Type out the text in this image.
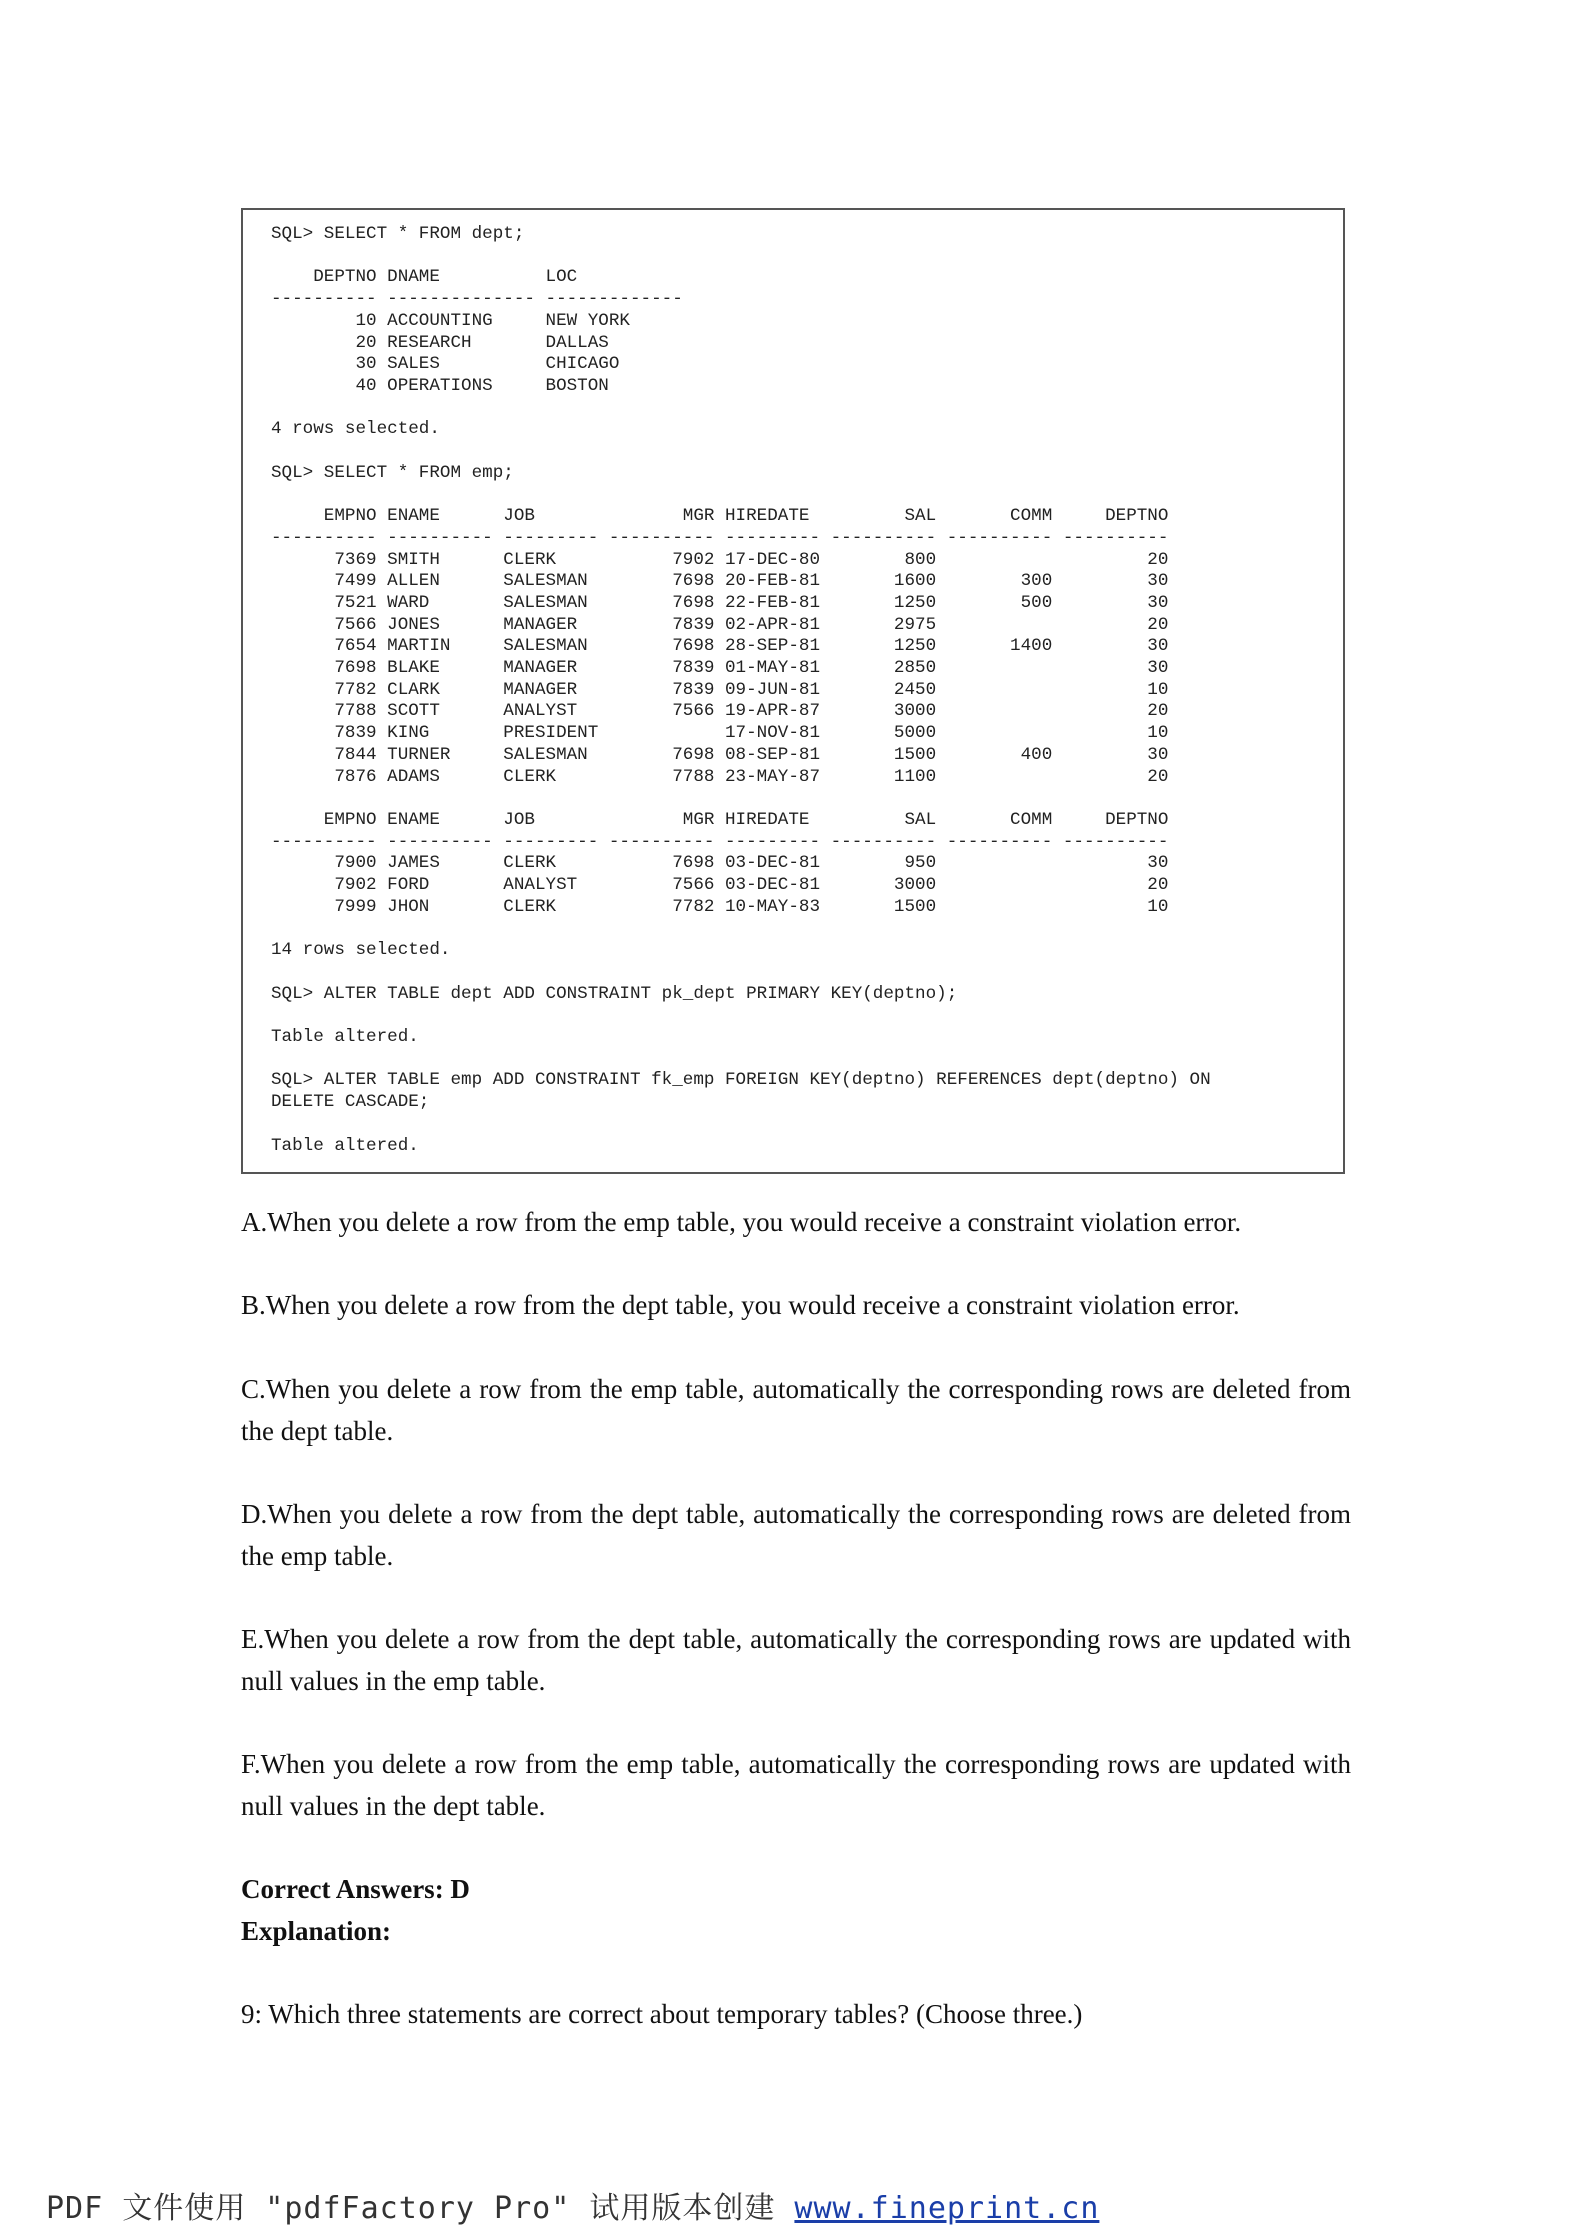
SQL> SELECT * FROM dept;

DEPTNO DNAME          LOC
---------- -------------- -------------
10 ACCOUNTING     NEW YORK
20 RESEARCH       DALLAS
30 SALES          CHICAGO
40 OPERATIONS     BOSTON

4 rows selected.

SQL> SELECT * FROM emp;

EMPNO ENAME      JOB              MGR HIREDATE         SAL       COMM     DEPTNO
---------- ---------- --------- ---------- --------- ---------- ---------- ----------
7369 SMITH      CLERK           7902 17-DEC-80        800                    20
7499 ALLEN      SALESMAN        7698 20-FEB-81       1600        300         30
7521 WARD       SALESMAN        7698 22-FEB-81       1250        500         30
7566 JONES      MANAGER         7839 02-APR-81       2975                    20
7654 MARTIN     SALESMAN        7698 28-SEP-81       1250       1400         30
7698 BLAKE      MANAGER         7839 01-MAY-81       2850                    30
7782 CLARK      MANAGER         7839 09-JUN-81       2450                    10
7788 SCOTT      ANALYST         7566 19-APR-87       3000                    20
7839 KING       PRESIDENT            17-NOV-81       5000                    10
7844 TURNER     SALESMAN        7698 08-SEP-81       1500        400         30
7876 ADAMS      CLERK           7788 23-MAY-87       1100                    20

EMPNO ENAME      JOB              MGR HIREDATE         SAL       COMM     DEPTNO
---------- ---------- --------- ---------- --------- ---------- ---------- ----------
7900 JAMES      CLERK           7698 03-DEC-81        950                    30
7902 FORD       ANALYST         7566 03-DEC-81       3000                    20
7999 JHON       CLERK           7782 10-MAY-83       1500                    10

14 rows selected.

SQL> ALTER TABLE dept ADD CONSTRAINT pk_dept PRIMARY KEY(deptno);

Table altered.

SQL> ALTER TABLE emp ADD CONSTRAINT fk_emp FOREIGN KEY(deptno) REFERENCES dept(deptno) ON
DELETE CASCADE;

Table altered.

A.When you delete a row from the emp table, you would receive a constraint violation error.

B.When you delete a row from the dept table, you would receive a constraint violation error.

C.When you delete a row from the emp table, automatically the corresponding rows are deleted from the dept table.

D.When you delete a row from the dept table, automatically the corresponding rows are deleted from the emp table.

E.When you delete a row from the dept table, automatically the corresponding rows are updated with null values in the emp table.

F.When you delete a row from the emp table, automatically the corresponding rows are updated with null values in the dept table.

Correct Answers: D

Explanation:

9: Which three statements are correct about temporary tables? (Choose three.)

PDF 文件使用 "pdfFactory Pro" 试用版本创建 www.fineprint.cn
